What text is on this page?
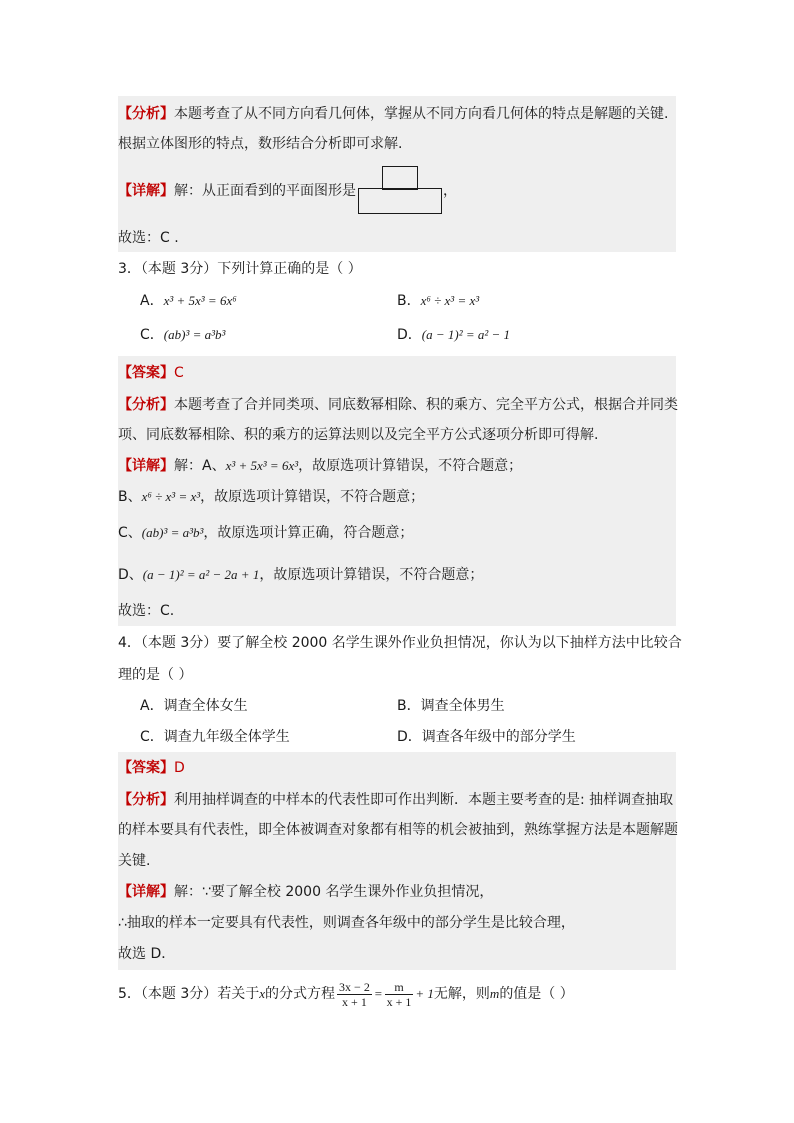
【分析】本题考查了从不同方向看几何体，掌握从不同方向看几何体的特点是解题的关键.
根据立体图形的特点，数形结合分析即可求解.
【详解】解：从正面看到的平面图形是	，
故选：C .
3．（本题 3分）下列计算正确的是（ ）
A．x³ + 5x³ = 6x⁶	B．x⁶ ÷ x³ = x³
C．(ab)³ = a³b³	D．(a − 1)² = a² − 1
【答案】C
【分析】本题考查了合并同类项、同底数幂相除、积的乘方、完全平方公式，根据合并同类
项、同底数幂相除、积的乘方的运算法则以及完全平方公式逐项分析即可得解.
【详解】解：A、x³ + 5x³ = 6x³，故原选项计算错误，不符合题意；
B、x⁶ ÷ x³ = x³，故原选项计算错误，不符合题意；
C、(ab)³ = a³b³，故原选项计算正确，符合题意；
D、(a − 1)² = a² − 2a + 1，故原选项计算错误，不符合题意；
故选：C.
4．（本题 3分）要了解全校 2000 名学生课外作业负担情况，你认为以下抽样方法中比较合
理的是（ ）
A．调查全体女生	B．调查全体男生
C．调查九年级全体学生	D．调查各年级中的部分学生
【答案】D
【分析】利用抽样调查的中样本的代表性即可作出判断．本题主要考查的是: 抽样调查抽取
的样本要具有代表性，即全体被调查对象都有相等的机会被抽到，熟练掌握方法是本题解题
关键.
【详解】解：∵要了解全校 2000 名学生课外作业负担情况，
∴抽取的样本一定要具有代表性，则调查各年级中的部分学生是比较合理，
故选 D．
5．（本题 3分）若关于x的分式方程 $\frac{3x - 2}{x + 1} = \frac{m}{x + 1} + 1$无解，则m的值是（ ）
